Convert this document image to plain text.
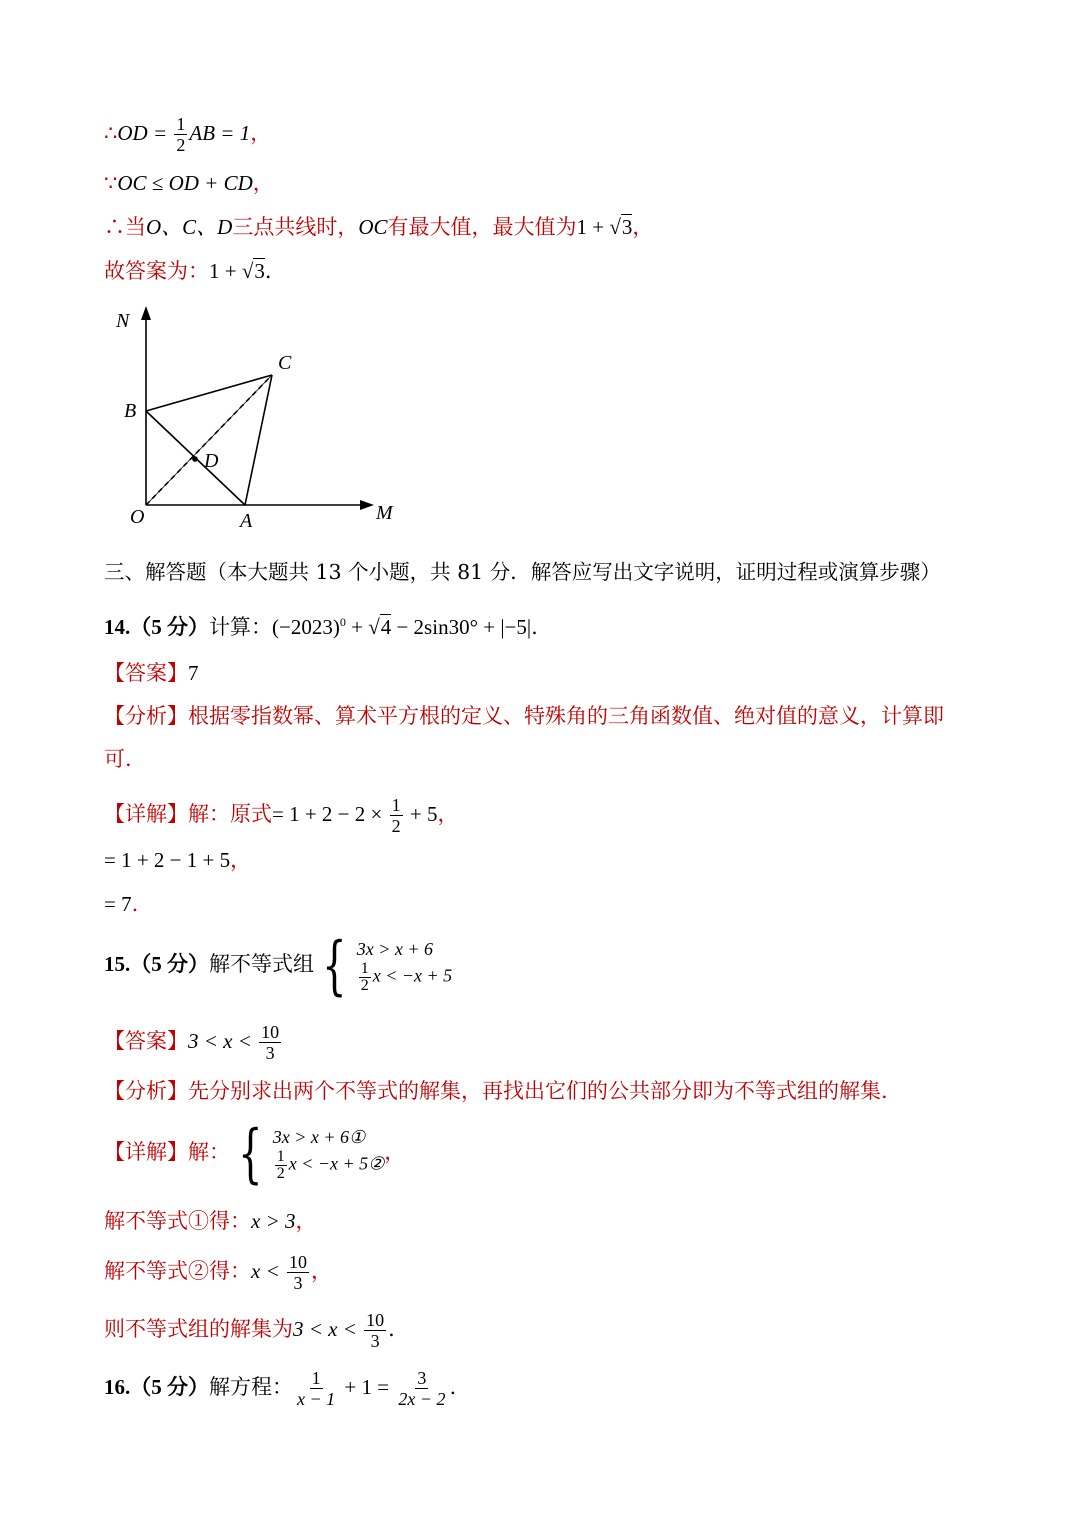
∴OD = $\frac{1}{2}$ AB = 1，
∵OC ≤ OD + CD，
∴当O、C、D三点共线时，OC有最大值，最大值为1 + √3，
故答案为：1 + √3.
N
C
B
D
O	A	M
三、解答题（本大题共 13 个小题，共 81 分．解答应写出文字说明，证明过程或演算步骤）
14.（5 分）计算：$(-2023)^0 + √4 - 2\sin 30^\circ + |-5|$.
【答案】7
【分析】根据零指数幂、算术平方根的定义、特殊角的三角函数值、绝对值的意义，计算即
可.
【详解】解：原式= $1 + 2 - 2 \times \frac{1}{2} + 5$，
= 1 + 2 − 1 + 5，
= 7.
15.（5 分）解不等式组 { 3x > x + 6
$\frac{1}{2}$ x < −x + 5
【答案】$3 < x < \frac{10}{3}$
【分析】先分别求出两个不等式的解集，再找出它们的公共部分即为不等式组的解集.
【详解】解： { 3x > x + 6①
$\frac{1}{2}$ x < −x + 5② ，
解不等式①得：x > 3，
解不等式②得：$x < \frac{10}{3}$ ，
则不等式组的解集为$3 < x < \frac{10}{3}$ .
16.（5 分）解方程： $\frac{1}{x - 1} + 1 = \frac{3}{2x - 2}$ .
